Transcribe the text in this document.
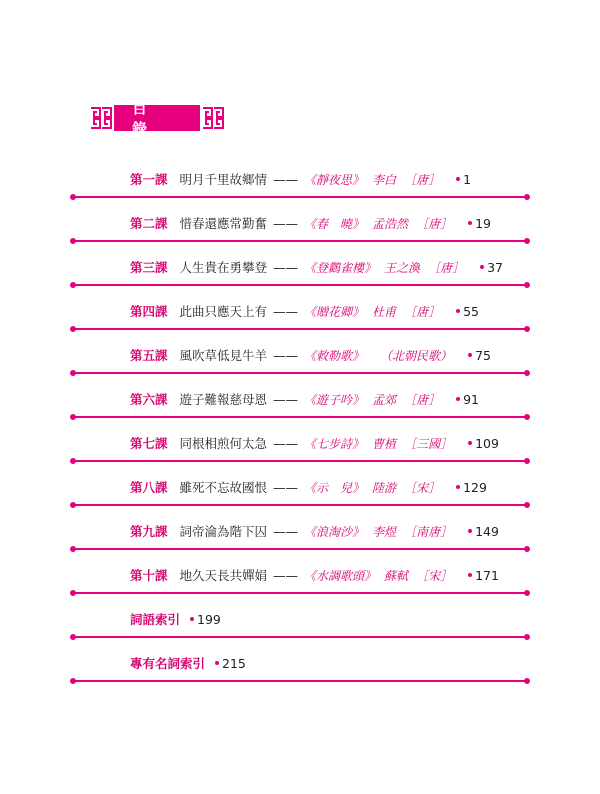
目 錄
第一課 明月千里故鄉情 —— 《靜夜思》 李白 ［唐］ 1
第二課 惜春還應常勤奮 —— 《春　曉》 孟浩然 ［唐］ 19
第三課 人生貴在勇攀登 —— 《登鸛雀樓》 王之渙 ［唐］ 37
第四課 此曲只應天上有 —— 《贈花卿》 杜甫 ［唐］ 55
第五課 風吹草低見牛羊 —— 《敕勒歌》 （北朝民歌） 75
第六課 遊子難報慈母恩 —— 《遊子吟》 孟郊 ［唐］ 91
第七課 同根相煎何太急 —— 《七步詩》 曹植 ［三國］ 109
第八課 雖死不忘故國恨 —— 《示　兒》 陸游 ［宋］ 129
第九課 詞帝淪為階下囚 —— 《浪淘沙》 李煜 ［南唐］ 149
第十課 地久天長共嬋娟 —— 《水調歌頭》 蘇軾 ［宋］ 171
詞語索引 199
專有名詞索引 215
